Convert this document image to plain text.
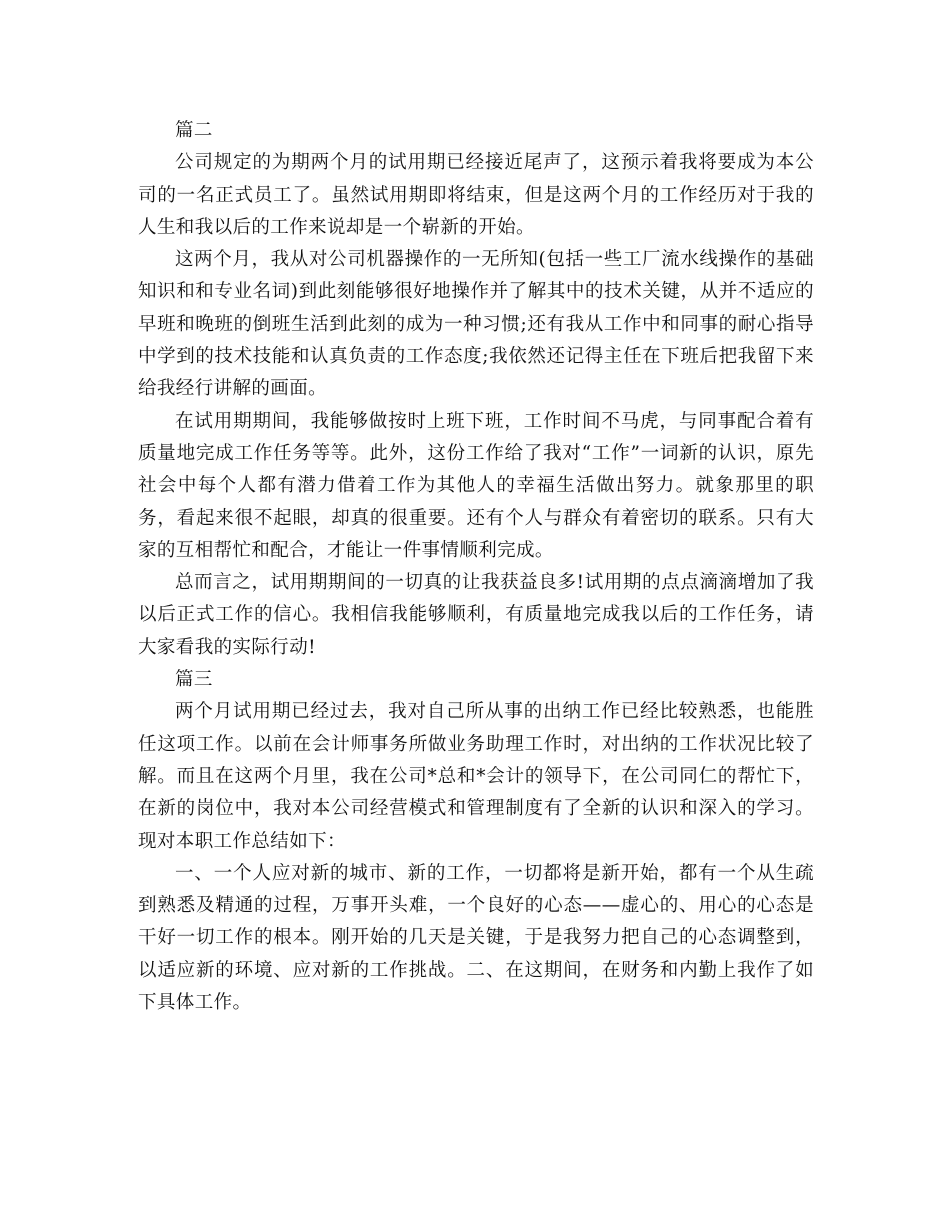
篇二

公司规定的为期两个月的试用期已经接近尾声了，这预示着我将要成为本公司的一名正式员工了。虽然试用期即将结束，但是这两个月的工作经历对于我的人生和我以后的工作来说却是一个崭新的开始。

这两个月，我从对公司机器操作的一无所知(包括一些工厂流水线操作的基础知识和和专业名词)到此刻能够很好地操作并了解其中的技术关键，从并不适应的早班和晚班的倒班生活到此刻的成为一种习惯;还有我从工作中和同事的耐心指导中学到的技术技能和认真负责的工作态度;我依然还记得主任在下班后把我留下来给我经行讲解的画面。

在试用期期间，我能够做按时上班下班，工作时间不马虎，与同事配合着有质量地完成工作任务等等。此外，这份工作给了我对“工作”一词新的认识，原先社会中每个人都有潜力借着工作为其他人的幸福生活做出努力。就象那里的职务，看起来很不起眼，却真的很重要。还有个人与群众有着密切的联系。只有大家的互相帮忙和配合，才能让一件事情顺利完成。

总而言之，试用期期间的一切真的让我获益良多!试用期的点点滴滴增加了我以后正式工作的信心。我相信我能够顺利，有质量地完成我以后的工作任务，请大家看我的实际行动!

篇三

两个月试用期已经过去，我对自己所从事的出纳工作已经比较熟悉，也能胜任这项工作。以前在会计师事务所做业务助理工作时，对出纳的工作状况比较了解。而且在这两个月里，我在公司*总和*会计的领导下，在公司同仁的帮忙下，在新的岗位中，我对本公司经营模式和管理制度有了全新的认识和深入的学习。现对本职工作总结如下：

一、一个人应对新的城市、新的工作，一切都将是新开始，都有一个从生疏到熟悉及精通的过程，万事开头难，一个良好的心态——虚心的、用心的心态是干好一切工作的根本。刚开始的几天是关键，于是我努力把自己的心态调整到，以适应新的环境、应对新的工作挑战。二、在这期间，在财务和内勤上我作了如下具体工作。
